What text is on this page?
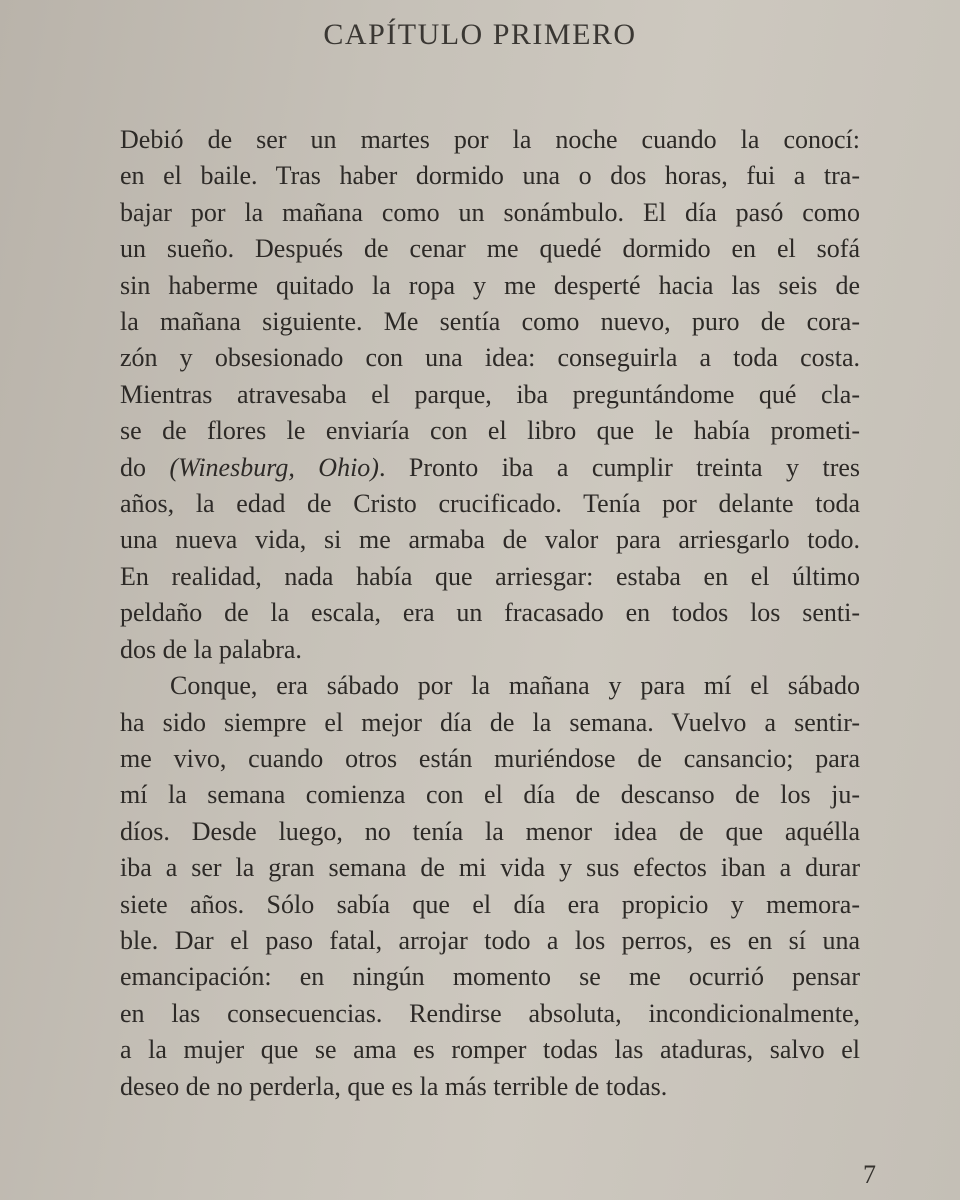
CAPÍTULO PRIMERO
Debió de ser un martes por la noche cuando la conocí:
en el baile. Tras haber dormido una o dos horas, fui a tra-
bajar por la mañana como un sonámbulo. El día pasó como
un sueño. Después de cenar me quedé dormido en el sofá
sin haberme quitado la ropa y me desperté hacia las seis de
la mañana siguiente. Me sentía como nuevo, puro de cora-
zón y obsesionado con una idea: conseguirla a toda costa.
Mientras atravesaba el parque, iba preguntándome qué cla-
se de flores le enviaría con el libro que le había prometi-
do (Winesburg, Ohio). Pronto iba a cumplir treinta y tres
años, la edad de Cristo crucificado. Tenía por delante toda
una nueva vida, si me armaba de valor para arriesgarlo todo.
En realidad, nada había que arriesgar: estaba en el último
peldaño de la escala, era un fracasado en todos los senti-
dos de la palabra.
Conque, era sábado por la mañana y para mí el sábado
ha sido siempre el mejor día de la semana. Vuelvo a sentir-
me vivo, cuando otros están muriéndose de cansancio; para
mí la semana comienza con el día de descanso de los ju-
díos. Desde luego, no tenía la menor idea de que aquélla
iba a ser la gran semana de mi vida y sus efectos iban a durar
siete años. Sólo sabía que el día era propicio y memora-
ble. Dar el paso fatal, arrojar todo a los perros, es en sí una
emancipación: en ningún momento se me ocurrió pensar
en las consecuencias. Rendirse absoluta, incondicionalmente,
a la mujer que se ama es romper todas las ataduras, salvo el
deseo de no perderla, que es la más terrible de todas.
7
